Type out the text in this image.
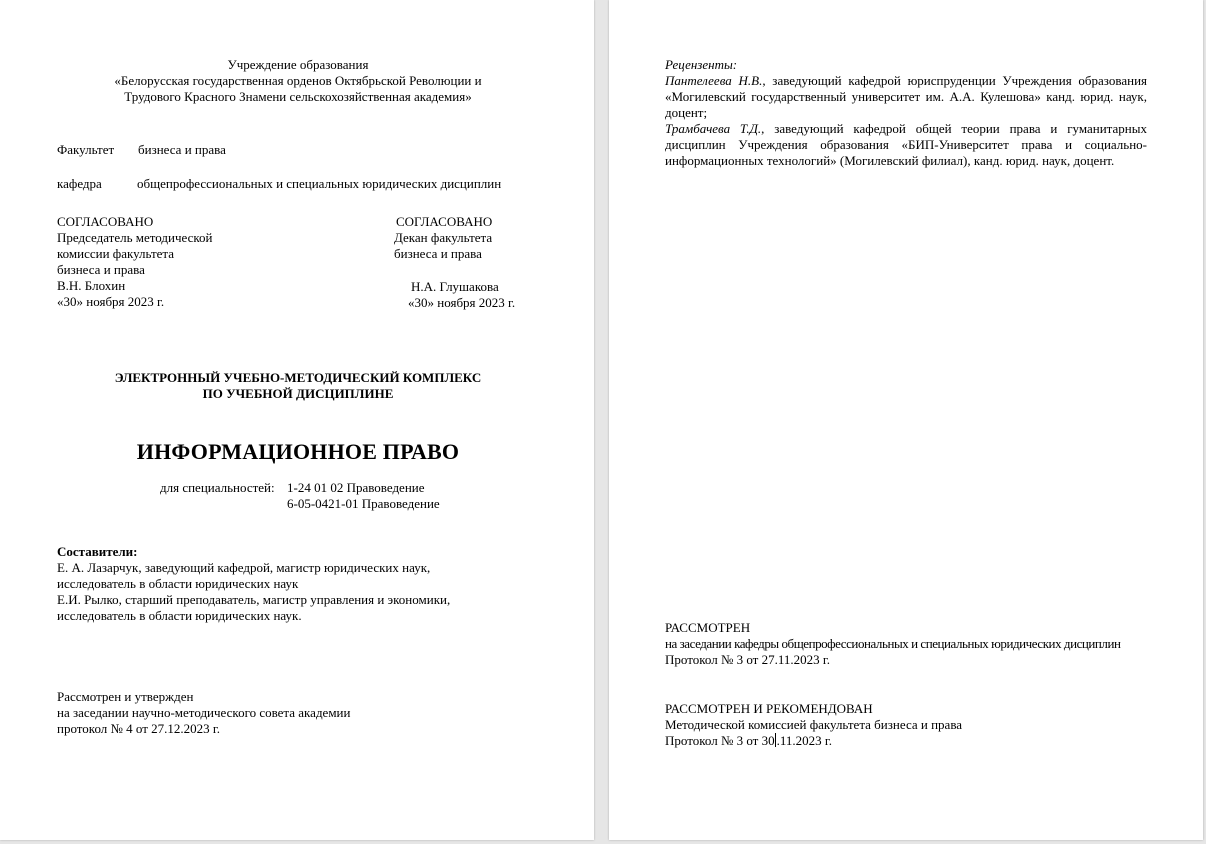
Учреждение образования
«Белорусская государственная орденов Октябрьской Революции и
Трудового Красного Знамени сельскохозяйственная академия»
Факультет бизнеса и права
кафедра	общепрофессиональных и специальных юридических дисциплин
СОГЛАСОВАНО
Председатель методической
комиссии факультета
бизнеса и права
В.Н. Блохин
«30» ноября 2023 г.
СОГЛАСОВАНО
Декан факультета
бизнеса и права
Н.А. Глушакова
«30» ноября 2023 г.
ЭЛЕКТРОННЫЙ УЧЕБНО-МЕТОДИЧЕСКИЙ КОМПЛЕКС
ПО УЧЕБНОЙ ДИСЦИПЛИНЕ
ИНФОРМАЦИОННОЕ ПРАВО
для специальностей: 1-24 01 02 Правоведение
6-05-0421-01 Правоведение
Составители:
Е. А. Лазарчук, заведующий кафедрой, магистр юридических наук,
исследователь в области юридических наук
Е.И. Рылко, старший преподаватель, магистр управления и экономики,
исследователь в области юридических наук.
Рассмотрен и утвержден
на заседании научно-методического совета академии
протокол № 4 от 27.12.2023 г.
Рецензенты:
Пантелеева Н.В., заведующий кафедрой юриспруденции Учреждения образования «Могилевский государственный университет им. А.А. Кулешова» канд. юрид. наук, доцент;
Трамбачева Т.Д., заведующий кафедрой общей теории права и гуманитарных дисциплин Учреждения образования «БИП-Университет права и социально-информационных технологий» (Могилевский филиал), канд. юрид. наук, доцент.
РАССМОТРЕН
на заседании кафедры общепрофессиональных и специальных юридических дисциплин
Протокол № 3 от 27.11.2023 г.
РАССМОТРЕН И РЕКОМЕНДОВАН
Методической комиссией факультета бизнеса и права
Протокол № 3 от 30 .11.2023 г.
